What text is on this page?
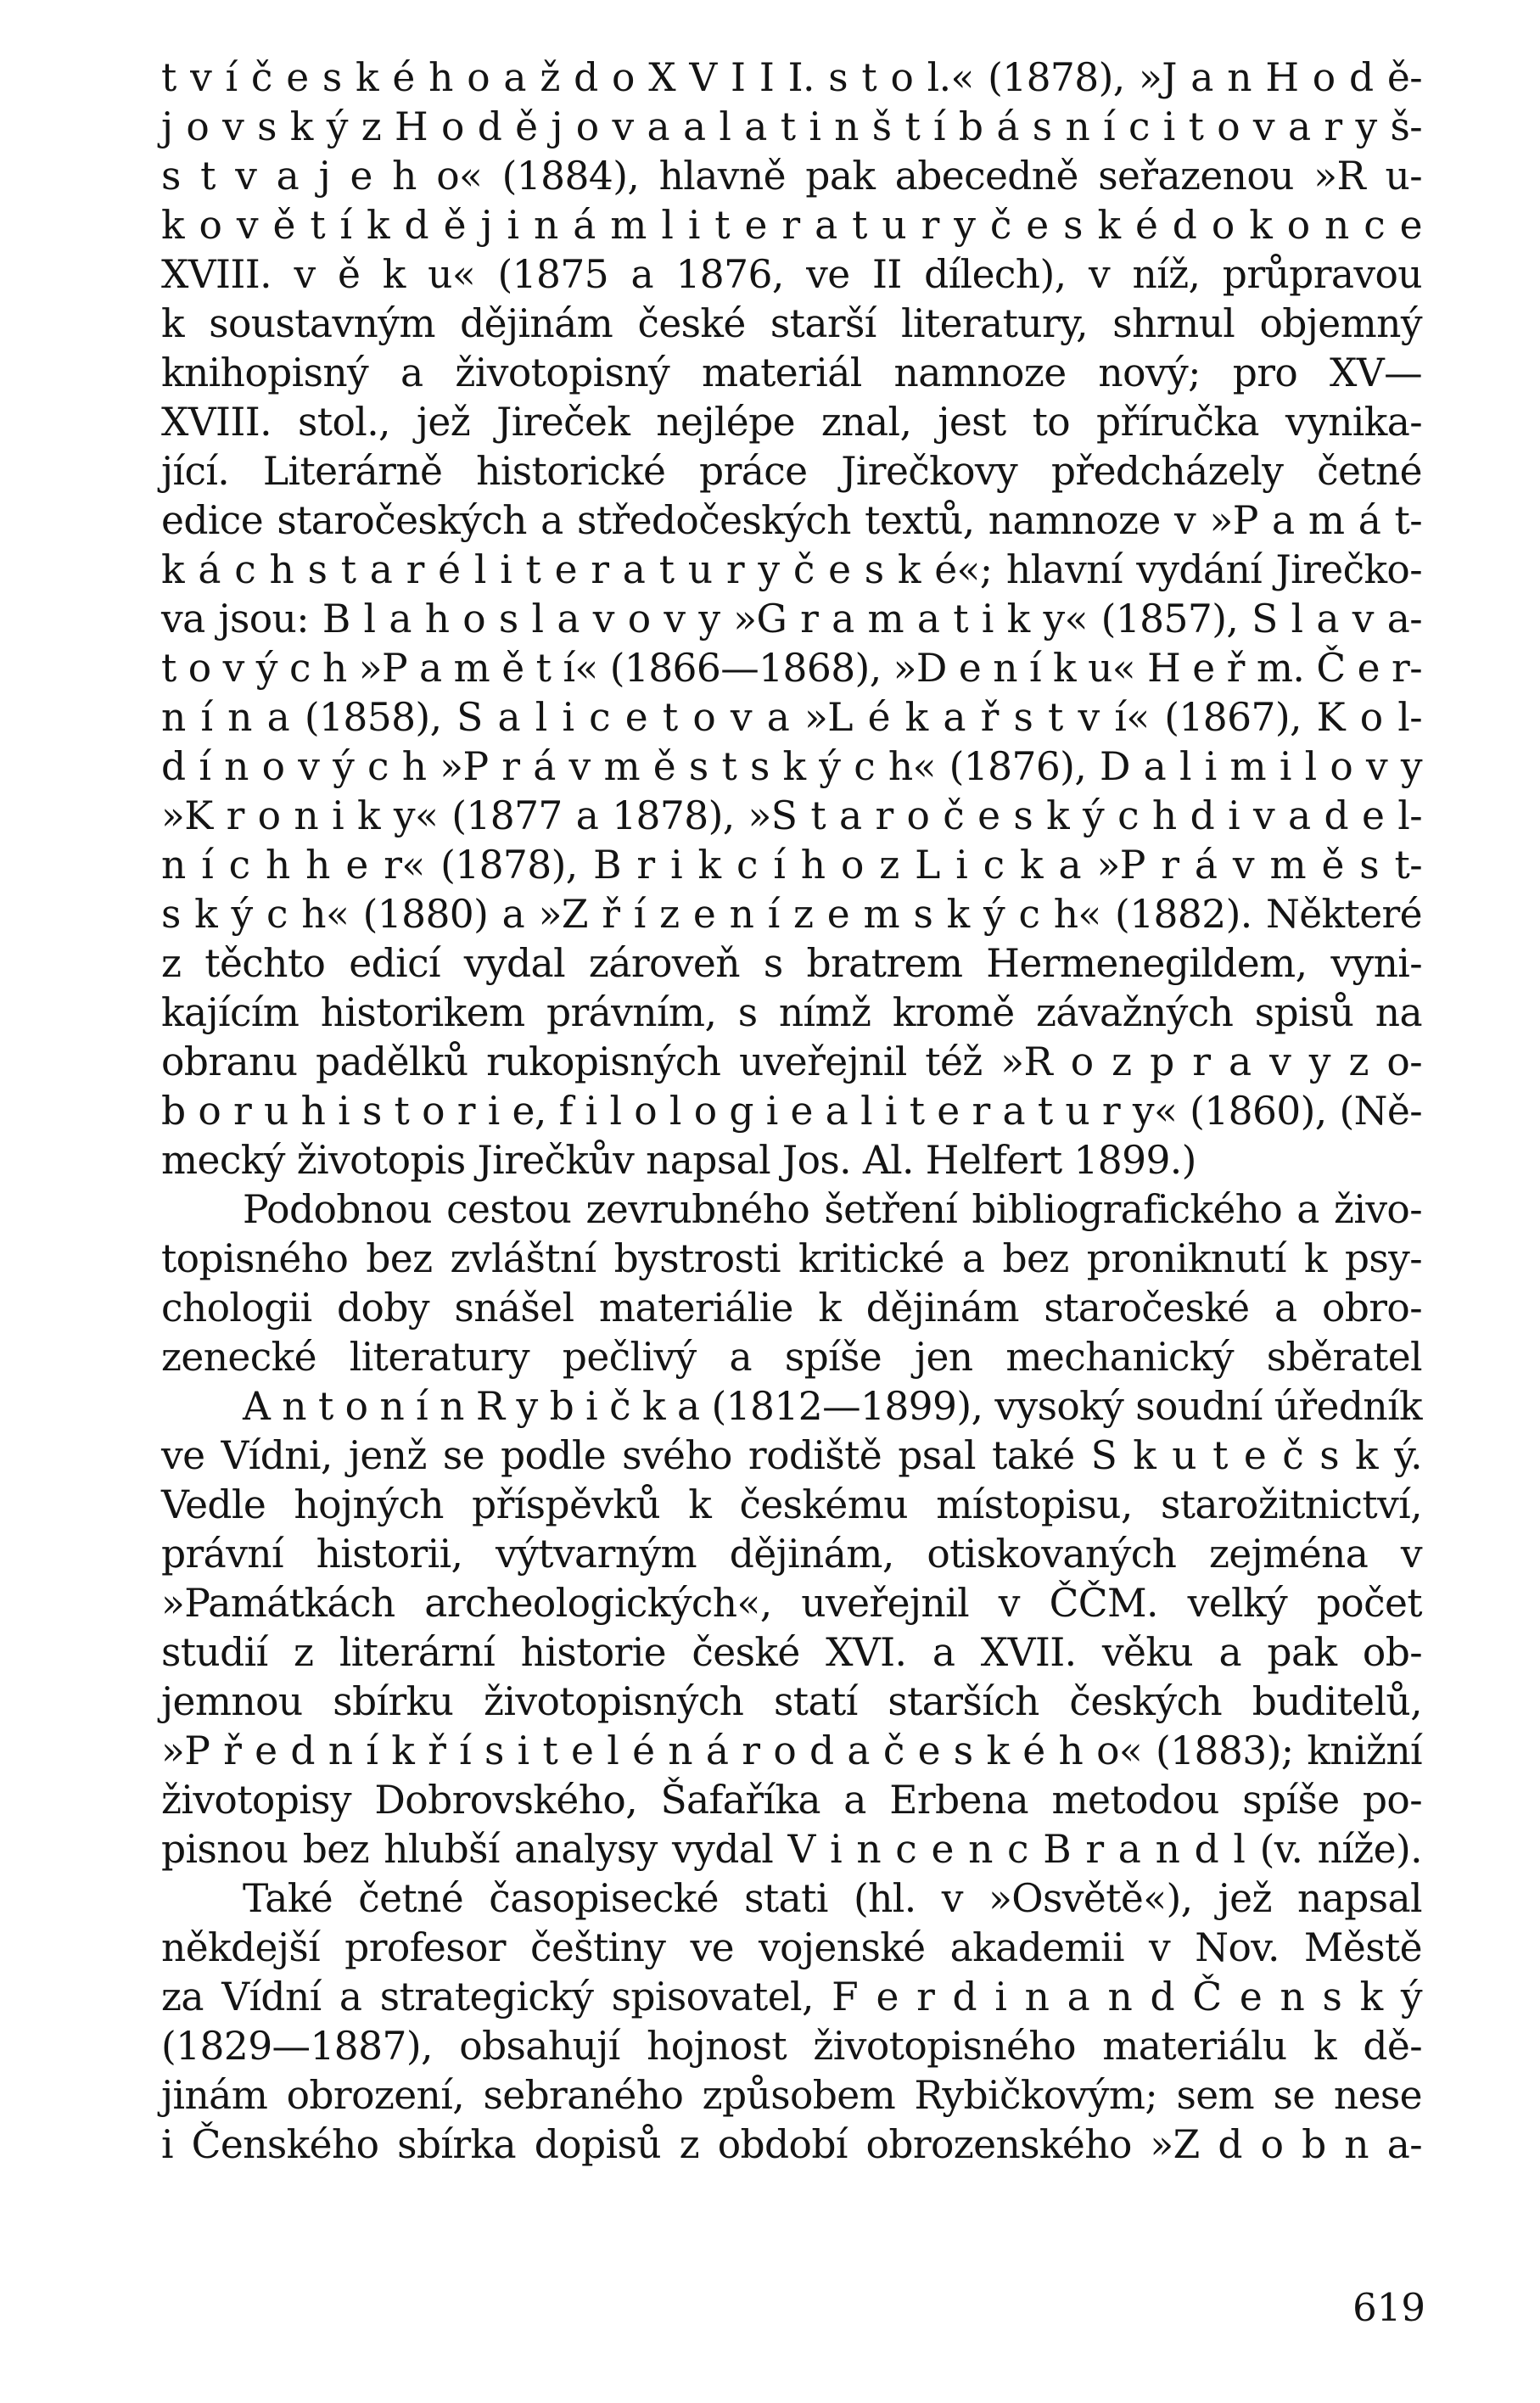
t v í č e s k é h o a ž d o X V I I I. s t o l.« (1878), »J a n H o d ě-
j o v s k ý z H o d ě j o v a a l a t i n š t í b á s n í c i t o v a r y š-
s t v a j e h o« (1884), hlavně pak abecedně seřazenou »R u-
k o v ě t í k d ě j i n á m l i t e r a t u r y č e s k é d o k o n c e
XVIII. v ě k u« (1875 a 1876, ve II dílech), v níž, průpravou
k soustavným dějinám české starší literatury, shrnul objemný
knihopisný a životopisný materiál namnoze nový; pro XV—
XVIII. stol., jež Jireček nejlépe znal, jest to příručka vynika-
jící. Literárně historické práce Jirečkovy předcházely četné
edice staročeských a středočeských textů, namnoze v »P a m á t-
k á c h s t a r é l i t e r a t u r y č e s k é«; hlavní vydání Jirečko-
va jsou: B l a h o s l a v o v y »G r a m a t i k y« (1857), S l a v a-
t o v ý c h »P a m ě t í« (1866—1868), »D e n í k u« H e ř m. Č e r-
n í n a (1858), S a l i c e t o v a »L é k a ř s t v í« (1867), K o l-
d í n o v ý c h »P r á v m ě s t s k ý c h« (1876), D a l i m i l o v y
»K r o n i k y« (1877 a 1878), »S t a r o č e s k ý c h d i v a d e l-
n í c h h e r« (1878), B r i k c í h o z L i c k a »P r á v m ě s t-
s k ý c h« (1880) a »Z ř í z e n í z e m s k ý c h« (1882). Některé
z těchto edicí vydal zároveň s bratrem Hermenegildem, vyni-
kajícím historikem právním, s nímž kromě závažných spisů na
obranu padělků rukopisných uveřejnil též »R o z p r a v y z o-
b o r u h i s t o r i e, f i l o l o g i e a l i t e r a t u r y« (1860), (Ně-
mecký životopis Jirečkův napsal Jos. Al. Helfert 1899.)
Podobnou cestou zevrubného šetření bibliografického a živo-
topisného bez zvláštní bystrosti kritické a bez proniknutí k psy-
chologii doby snášel materiálie k dějinám staročeské a obro-
zenecké literatury pečlivý a spíše jen mechanický sběratel
A n t o n í n R y b i č k a (1812—1899), vysoký soudní úředník
ve Vídni, jenž se podle svého rodiště psal také S k u t e č s k ý.
Vedle hojných příspěvků k českému místopisu, starožitnictví,
právní historii, výtvarným dějinám, otiskovaných zejména v
»Památkách archeologických«, uveřejnil v ČČM. velký počet
studií z literární historie české XVI. a XVII. věku a pak ob-
jemnou sbírku životopisných statí starších českých buditelů,
»P ř e d n í k ř í s i t e l é n á r o d a č e s k é h o« (1883); knižní
životopisy Dobrovského, Šafaříka a Erbena metodou spíše po-
pisnou bez hlubší analysy vydal V i n c e n c B r a n d l (v. níže).
Také četné časopisecké stati (hl. v »Osvětě«), jež napsal
někdejší profesor češtiny ve vojenské akademii v Nov. Městě
za Vídní a strategický spisovatel, F e r d i n a n d Č e n s k ý
(1829—1887), obsahují hojnost životopisného materiálu k dě-
jinám obrození, sebraného způsobem Rybičkovým; sem se nese
i Čenského sbírka dopisů z období obrozenského »Z d o b n a-
619
